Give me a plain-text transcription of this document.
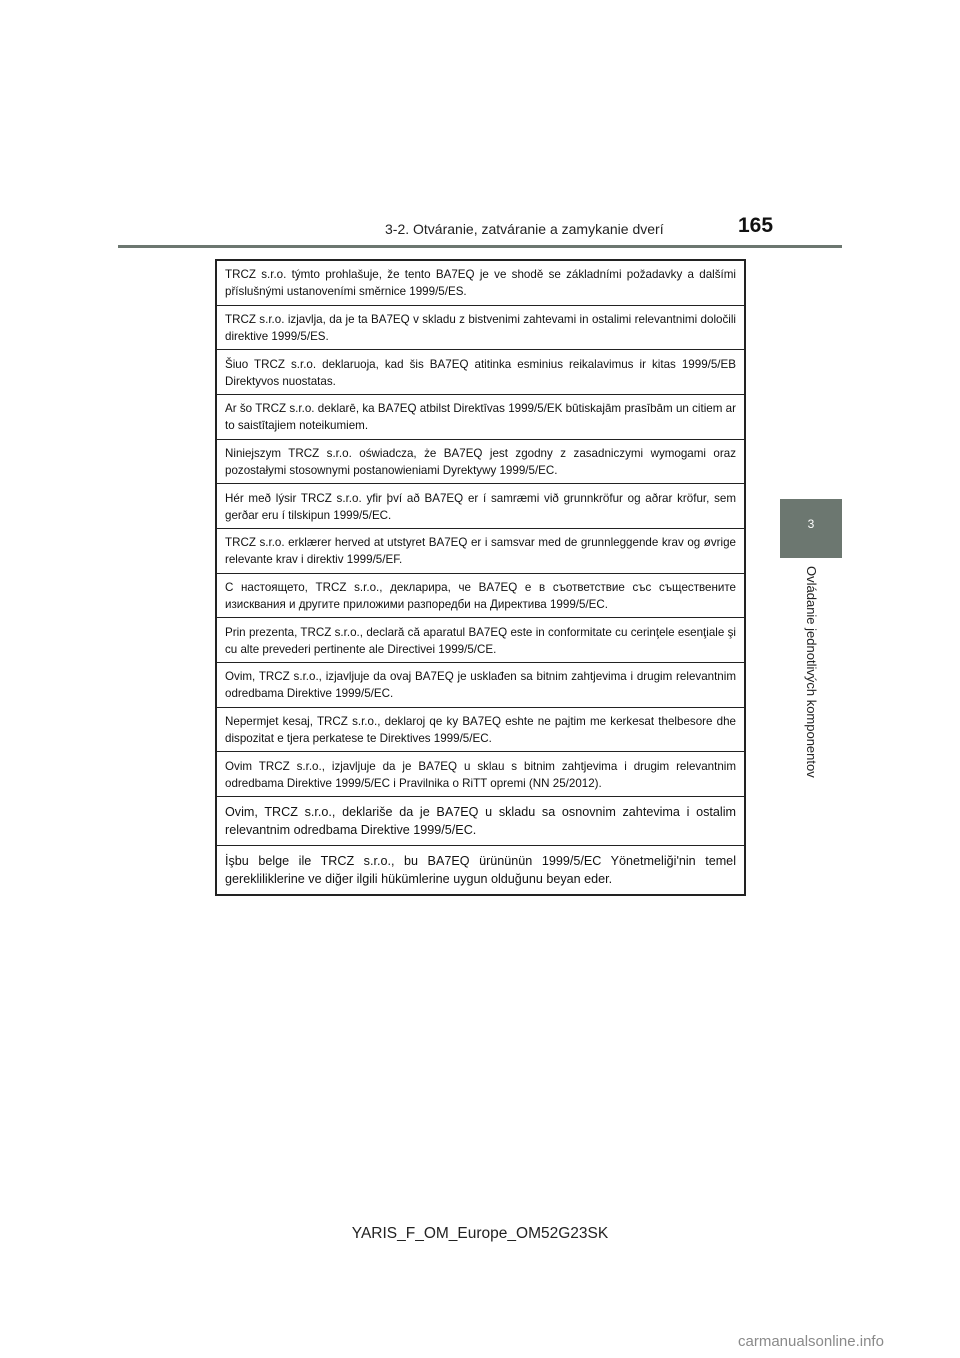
3-2. Otváranie, zatváranie a zamykanie dverí	165
3
Ovládanie jednotlivých komponentov
TRCZ s.r.o. týmto prohlašuje, že tento BA7EQ je ve shodě se základními požadavky a dalšími příslušnými ustanoveními směrnice 1999/5/ES.
TRCZ s.r.o. izjavlja, da je ta BA7EQ v skladu z bistvenimi zahtevami in ostalimi relevantnimi določili direktive 1999/5/ES.
Šiuo TRCZ s.r.o. deklaruoja, kad šis BA7EQ atitinka esminius reikalavimus ir kitas 1999/5/EB Direktyvos nuostatas.
Ar šo TRCZ s.r.o. deklarē, ka BA7EQ atbilst Direktīvas 1999/5/EK būtiskajām prasībām un citiem ar to saistītajiem noteikumiem.
Niniejszym TRCZ s.r.o. oświadcza, że BA7EQ jest zgodny z zasadniczymi wymogami oraz pozostałymi stosownymi postanowieniami Dyrektywy 1999/5/EC.
Hér með lýsir TRCZ s.r.o. yfir því að BA7EQ er í samræmi við grunnkröfur og aðrar kröfur, sem gerðar eru í tilskipun 1999/5/EC.
TRCZ s.r.o. erklærer herved at utstyret BA7EQ er i samsvar med de grunnleggende krav og øvrige relevante krav i direktiv 1999/5/EF.
С настоящето, TRCZ s.r.o., декларира, че BA7EQ е в съответствие със съществените изисквания и другите приложими разпоредби на Директива 1999/5/EC.
Prin prezenta, TRCZ s.r.o., declară că aparatul BA7EQ este in conformitate cu cerinţele esenţiale şi cu alte prevederi pertinente ale Directivei 1999/5/CE.
Ovim, TRCZ s.r.o., izjavljuje da ovaj BA7EQ je usklađen sa bitnim zahtjevima i drugim relevantnim odredbama Direktive 1999/5/EC.
Nepermjet kesaj, TRCZ s.r.o., deklaroj qe ky BA7EQ eshte ne pajtim me kerkesat thelbesore dhe dispozitat e tjera perkatese te Direktives 1999/5/EC.
Ovim TRCZ s.r.o., izjavljuje da je BA7EQ u sklau s bitnim zahtjevima i drugim relevantnim odredbama Direktive 1999/5/EC i Pravilnika o RiTT opremi (NN 25/2012).
Ovim, TRCZ s.r.o., deklariše da je BA7EQ u skladu sa osnovnim zahtevima i ostalim relevantnim odredbama Direktive 1999/5/EC.
İşbu belge ile TRCZ s.r.o., bu BA7EQ ürününün 1999/5/EC Yönetmeliği'nin temel gerekliliklerine ve diğer ilgili hükümlerine uygun olduğunu beyan eder.
YARIS_F_OM_Europe_OM52G23SK
carmanualsonline.info
